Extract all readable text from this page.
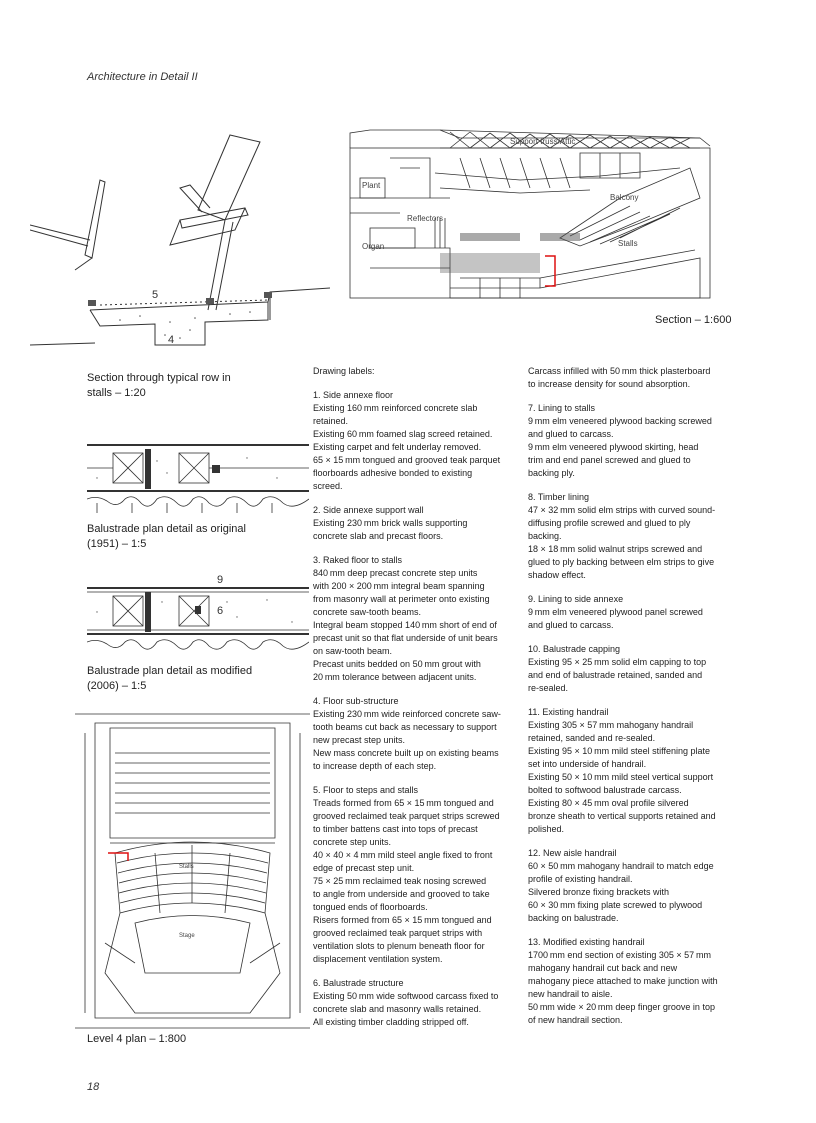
Architecture in Detail II
5
4
Support truss/Attic
Plant
Reflectors
Organ
Balcony
Stalls
Section – 1:600
Section through typical row in
stalls – 1:20
Balustrade plan detail as original
(1951) – 1:5
9
6
Balustrade plan detail as modified
(2006) – 1:5
Stalls
Stage
Level 4 plan – 1:800
Drawing labels:
1. Side annexe floor

Existing 160 mm reinforced concrete slab
retained.
Existing 60 mm foamed slag screed retained.
Existing carpet and felt underlay removed.
65 × 15 mm tongued and grooved teak parquet
floorboards adhesive bonded to existing
screed.

2. Side annexe support wall

Existing 230 mm brick walls supporting
concrete slab and precast floors.

3. Raked floor to stalls

840 mm deep precast concrete step units
with 200 × 200 mm integral beam spanning
from masonry wall at perimeter onto existing
concrete saw-tooth beams.
Integral beam stopped 140 mm short of end of
precast unit so that flat underside of unit bears
on saw-tooth beam.
Precast units bedded on 50 mm grout with
20 mm tolerance between adjacent units.

4. Floor sub-structure

Existing 230 mm wide reinforced concrete saw-
tooth beams cut back as necessary to support
new precast step units.
New mass concrete built up on existing beams
to increase depth of each step.

5. Floor to steps and stalls

Treads formed from 65 × 15 mm tongued and
grooved reclaimed teak parquet strips screwed
to timber battens cast into tops of precast
concrete step units.
40 × 40 × 4 mm mild steel angle fixed to front
edge of precast step unit.
75 × 25 mm reclaimed teak nosing screwed
to angle from underside and grooved to take
tongued ends of floorboards.
Risers formed from 65 × 15 mm tongued and
grooved reclaimed teak parquet strips with
ventilation slots to plenum beneath floor for
displacement ventilation system.

6. Balustrade structure

Existing 50 mm wide softwood carcass fixed to
concrete slab and masonry walls retained.
All existing timber cladding stripped off.

Carcass infilled with 50 mm thick plasterboard
to increase density for sound absorption.

7. Lining to stalls

9 mm elm veneered plywood backing screwed
and glued to carcass.
9 mm elm veneered plywood skirting, head
trim and end panel screwed and glued to
backing ply.

8. Timber lining

47 × 32 mm solid elm strips with curved sound-
diffusing profile screwed and glued to ply
backing.
18 × 18 mm solid walnut strips screwed and
glued to ply backing between elm strips to give
shadow effect.

9. Lining to side annexe

9 mm elm veneered plywood panel screwed
and glued to carcass.

10. Balustrade capping

Existing 95 × 25 mm solid elm capping to top
and end of balustrade retained, sanded and
re-sealed.

11. Existing handrail

Existing 305 × 57 mm mahogany handrail
retained, sanded and re-sealed.
Existing 95 × 10 mm mild steel stiffening plate
set into underside of handrail.
Existing 50 × 10 mm mild steel vertical support
bolted to softwood balustrade carcass.
Existing 80 × 45 mm oval profile silvered
bronze sheath to vertical supports retained and
polished.

12. New aisle handrail

60 × 50 mm mahogany handrail to match edge
profile of existing handrail.
Silvered bronze fixing brackets with
60 × 30 mm fixing plate screwed to plywood
backing on balustrade.

13. Modified existing handrail

1700 mm end section of existing 305 × 57 mm
mahogany handrail cut back and new
mahogany piece attached to make junction with
new handrail to aisle.
50 mm wide × 20 mm deep finger groove in top
of new handrail section.

18
